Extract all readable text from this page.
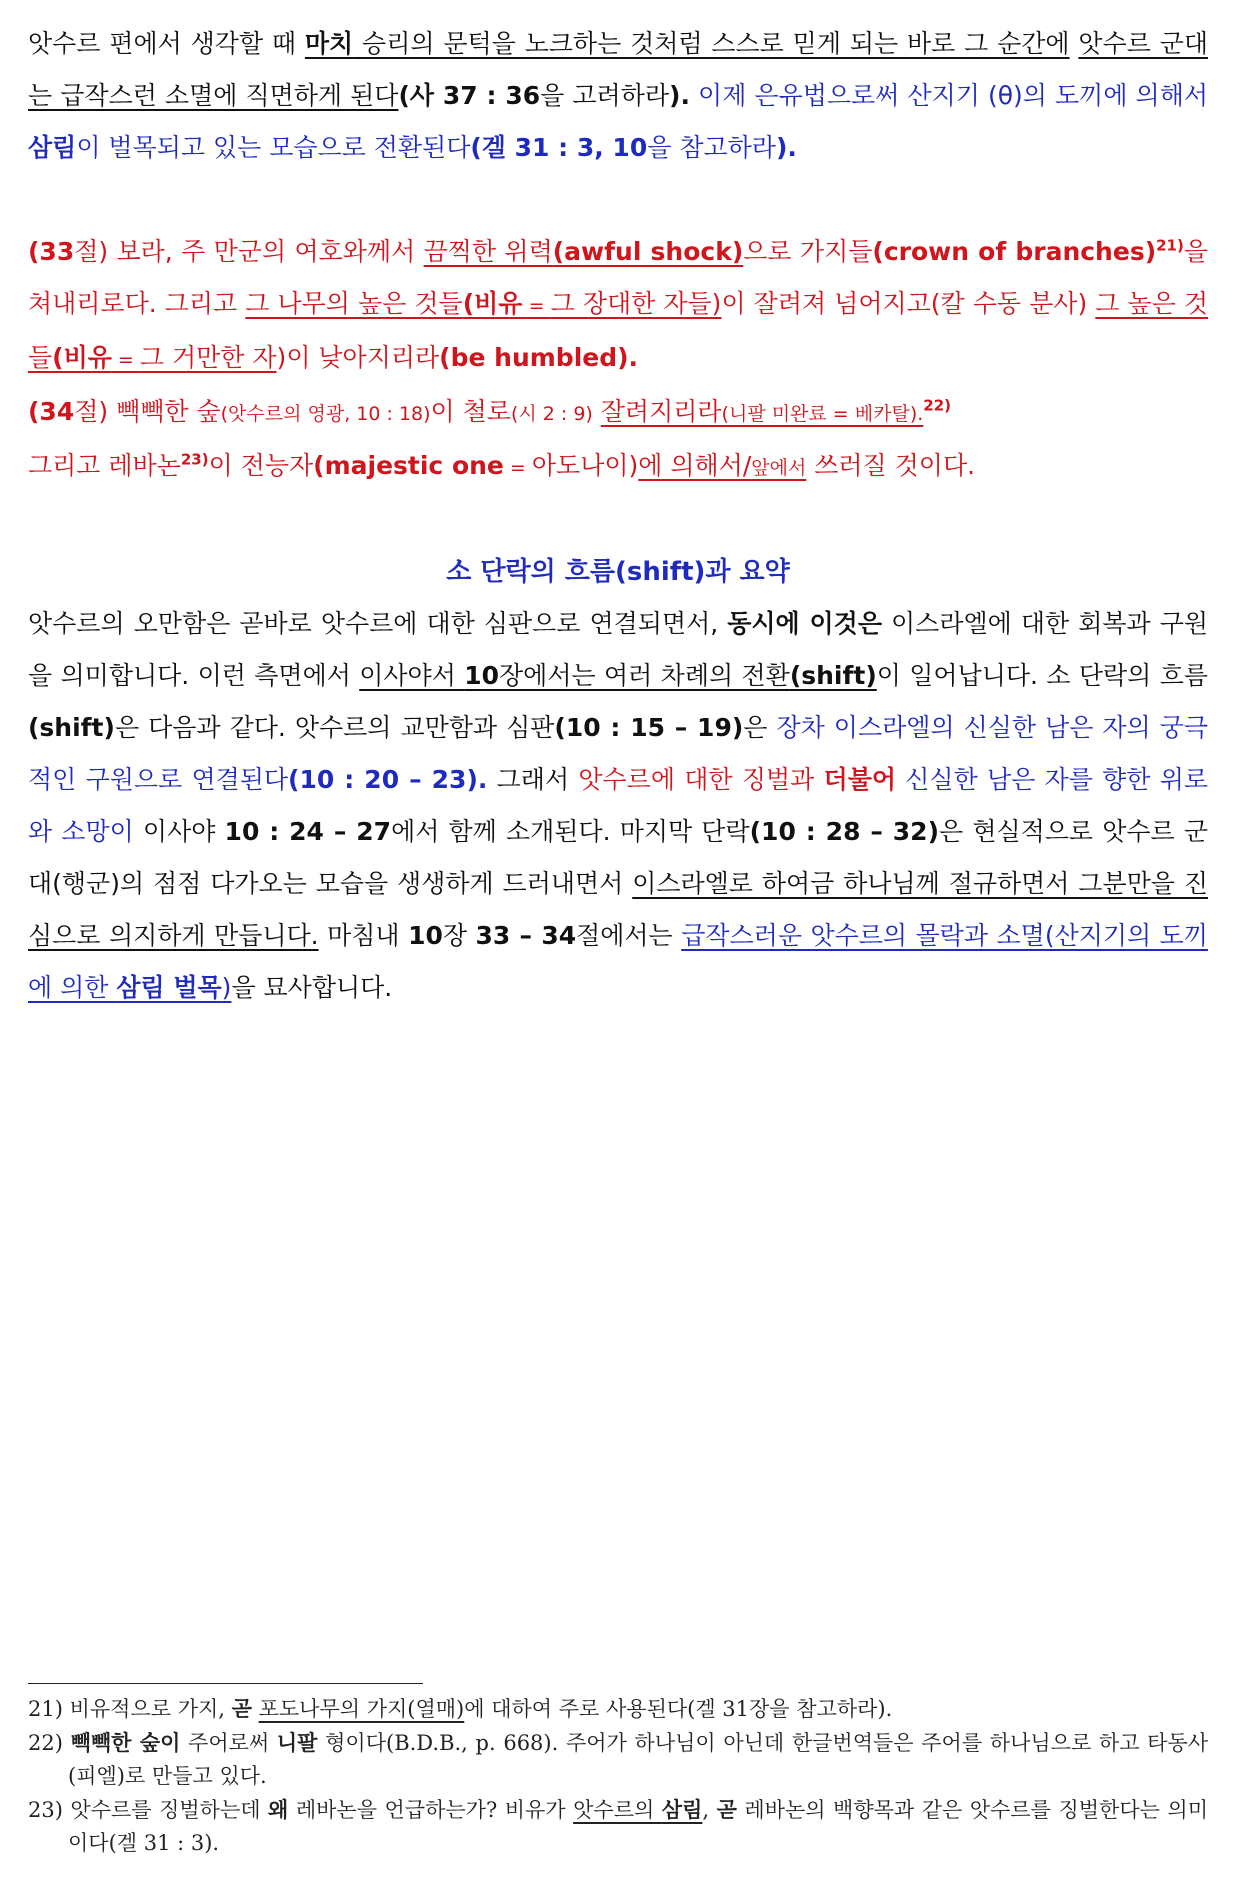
앗수르 편에서 생각할 때 마치 승리의 문턱을 노크하는 것처럼 스스로 믿게 되는 바로 그 순간에 앗수르 군대는 급작스런 소멸에 직면하게 된다(사 37 : 36을 고려하라). 이제 은유법으로써 산지기 (θ)의 도끼에 의해서 삼림이 벌목되고 있는 모습으로 전환된다(겔 31 : 3, 10을 참고하라).

(33절) 보라, 주 만군의 여호와께서 끔찍한 위력(awful shock)으로 가지들(crown of branches)$^{21)}$을 쳐내리로다. 그리고 그 나무의 높은 것들(비유 = 그 장대한 자들)이 잘려져 넘어지고(칼 수동 분사) 그 높은 것들(비유 = 그 거만한 자)이 낮아지리라(be humbled).

(34절) 빽빽한 숲(앗수르의 영광, 10 : 18)이 철로(시 2 : 9) 잘려지리라(니팔 미완료 = 베카탈).$^{22)}$
그리고 레바논$^{23)}$이 전능자(majestic one = 아도나이)에 의해서/앞에서 쓰러질 것이다.

소 단락의 흐름(shift)과 요약

앗수르의 오만함은 곧바로 앗수르에 대한 심판으로 연결되면서, 동시에 이것은 이스라엘에 대한 회복과 구원을 의미합니다. 이런 측면에서 이사야서 10장에서는 여러 차례의 전환(shift)이 일어납니다. 소 단락의 흐름(shift)은 다음과 같다. 앗수르의 교만함과 심판(10 : 15 – 19)은 장차 이스라엘의 신실한 남은 자의 궁극적인 구원으로 연결된다(10 : 20 – 23). 그래서 앗수르에 대한 징벌과 더불어 신실한 남은 자를 향한 위로와 소망이 이사야 10 : 24 – 27에서 함께 소개된다. 마지막 단락(10 : 28 – 32)은 현실적으로 앗수르 군대(행군)의 점점 다가오는 모습을 생생하게 드러내면서 이스라엘로 하여금 하나님께 절규하면서 그분만을 진심으로 의지하게 만듭니다. 마침내 10장 33 – 34절에서는 급작스러운 앗수르의 몰락과 소멸(산지기의 도끼에 의한 삼림 벌목)을 묘사합니다.

21) 비유적으로 가지, 곧 포도나무의 가지(열매)에 대하여 주로 사용된다(겔 31장을 참고하라).

22) 빽빽한 숲이 주어로써 니팔 형이다(B.D.B., p. 668). 주어가 하나님이 아닌데 한글번역들은 주어를 하나님으로 하고 타동사(피엘)로 만들고 있다.

23) 앗수르를 징벌하는데 왜 레바논을 언급하는가? 비유가 앗수르의 삼림, 곧 레바논의 백향목과 같은 앗수르를 징벌한다는 의미이다(겔 31 : 3).
